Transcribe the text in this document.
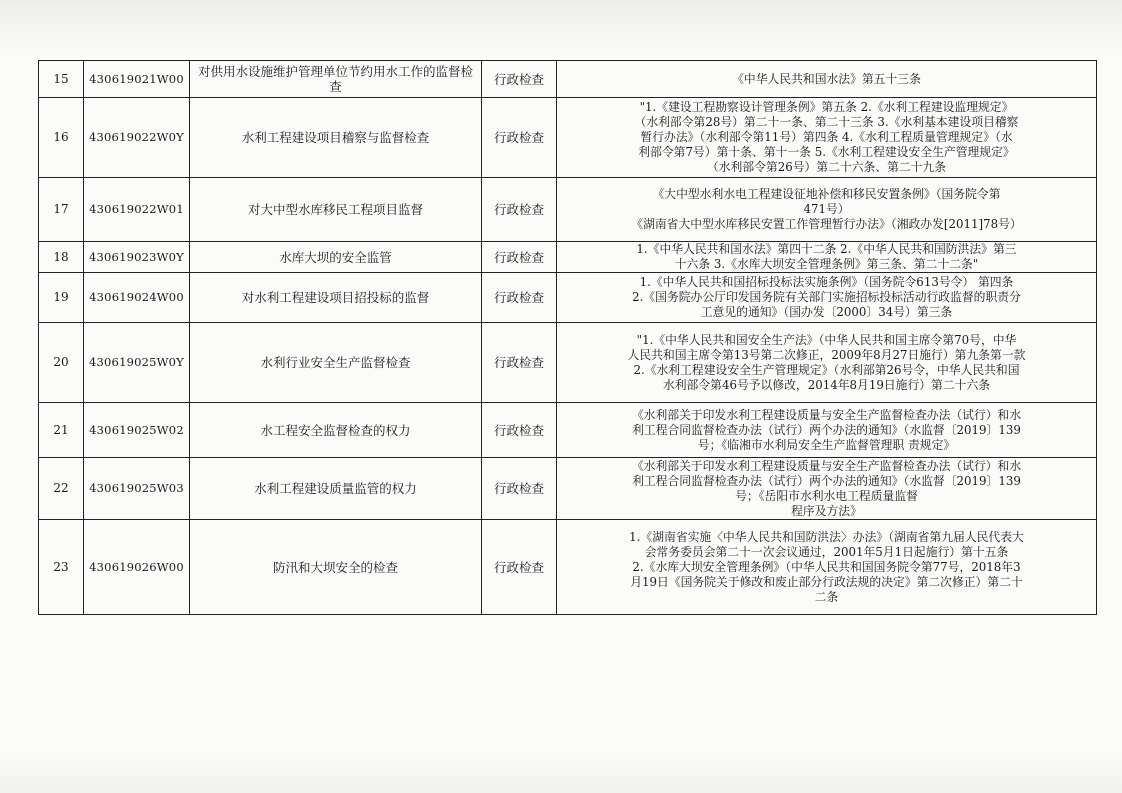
15	430619021W00	对供用水设施维护管理单位节约用水工作的监督检查	行政检查	《中华人民共和国水法》第五十三条

16	430619022W0Y	水利工程建设项目稽察与监督检查	行政检查	"1.《建设工程勘察设计管理条例》第五条 2.《水利工程建设监理规定》
（水利部令第28号）第二十一条、第二十三条 3.《水利基本建设项目稽察
暂行办法》（水利部令第11号）第四条 4.《水利工程质量管理规定》（水
利部令第7号）第十条、第十一条 5.《水利工程建设安全生产管理规定》
（水利部令第26号）第二十六条、第二十九条

17	430619022W01	对大中型水库移民工程项目监督	行政检查	《大中型水利水电工程建设征地补偿和移民安置条例》（国务院令第
471号）
《湖南省大中型水库移民安置工作管理暂行办法》（湘政办发[2011]78号）

18	430619023W0Y	水库大坝的安全监管	行政检查	1.《中华人民共和国水法》第四十二条 2.《中华人民共和国防洪法》第三
十六条 3.《水库大坝安全管理条例》第三条、第二十二条"

19	430619024W00	对水利工程建设项目招投标的监督	行政检查	1.《中华人民共和国招标投标法实施条例》（国务院令613号令） 第四条
2.《国务院办公厅印发国务院有关部门实施招标投标活动行政监督的职责分
工意见的通知》（国办发〔2000〕34号）第三条

20	430619025W0Y	水利行业安全生产监督检查	行政检查	"1.《中华人民共和国安全生产法》（中华人民共和国主席令第70号，中华
人民共和国主席令第13号第二次修正，2009年8月27日施行）第九条第一款
2.《水利工程建设安全生产管理规定》（水利部第26号令，中华人民共和国
水利部令第46号予以修改，2014年8月19日施行）第二十六条

21	430619025W02	水工程安全监督检查的权力	行政检查	《水利部关于印发水利工程建设质量与安全生产监督检查办法（试行）和水
利工程合同监督检查办法（试行）两个办法的通知》（水监督〔2019〕139
号；《临湘市水利局安全生产监督管理职 责规定》

22	430619025W03	水利工程建设质量监管的权力	行政检查	《水利部关于印发水利工程建设质量与安全生产监督检查办法（试行）和水
利工程合同监督检查办法（试行）两个办法的通知》（水监督〔2019〕139
号；《岳阳市水利水电工程质量监督
程序及方法》

23	430619026W00	防汛和大坝安全的检查	行政检查	1.《湖南省实施〈中华人民共和国防洪法〉办法》（湖南省第九届人民代表大
会常务委员会第二十一次会议通过，2001年5月1日起施行）第十五条
2.《水库大坝安全管理条例》（中华人民共和国国务院令第77号，2018年3
月19日《国务院关于修改和废止部分行政法规的决定》第二次修正）第二十
二条
